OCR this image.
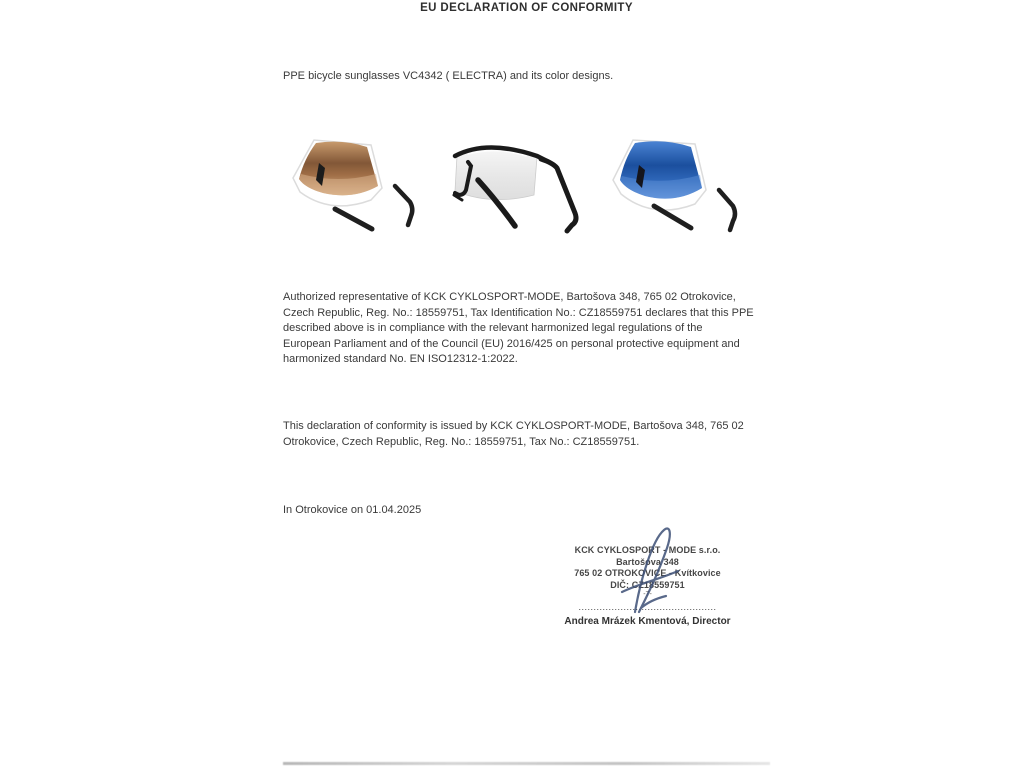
EU DECLARATION OF CONFORMITY
PPE bicycle sunglasses VC4342 ( ELECTRA) and its color designs.
Authorized representative of KCK CYKLOSPORT-MODE, Bartošova 348, 765 02 Otrokovice,
Czech Republic, Reg. No.: 18559751, Tax Identification No.: CZ18559751 declares that this PPE
described above is in compliance with the relevant harmonized legal regulations of the
European Parliament and of the Council (EU) 2016/425 on personal protective equipment and
harmonized standard No. EN ISO12312-1:2022.
This declaration of conformity is issued by KCK CYKLOSPORT-MODE, Bartošova 348, 765 02
Otrokovice, Czech Republic, Reg. No.: 18559751, Tax No.: CZ18559751.
In Otrokovice on 01.04.2025
KCK CYKLOSPORT - MODE s.r.o.
Bartošova 348
765 02 OTROKOVICE - Kvítkovice
DIČ: CZ18559751
-7-
..............................................
Andrea Mrázek Kmentová, Director
